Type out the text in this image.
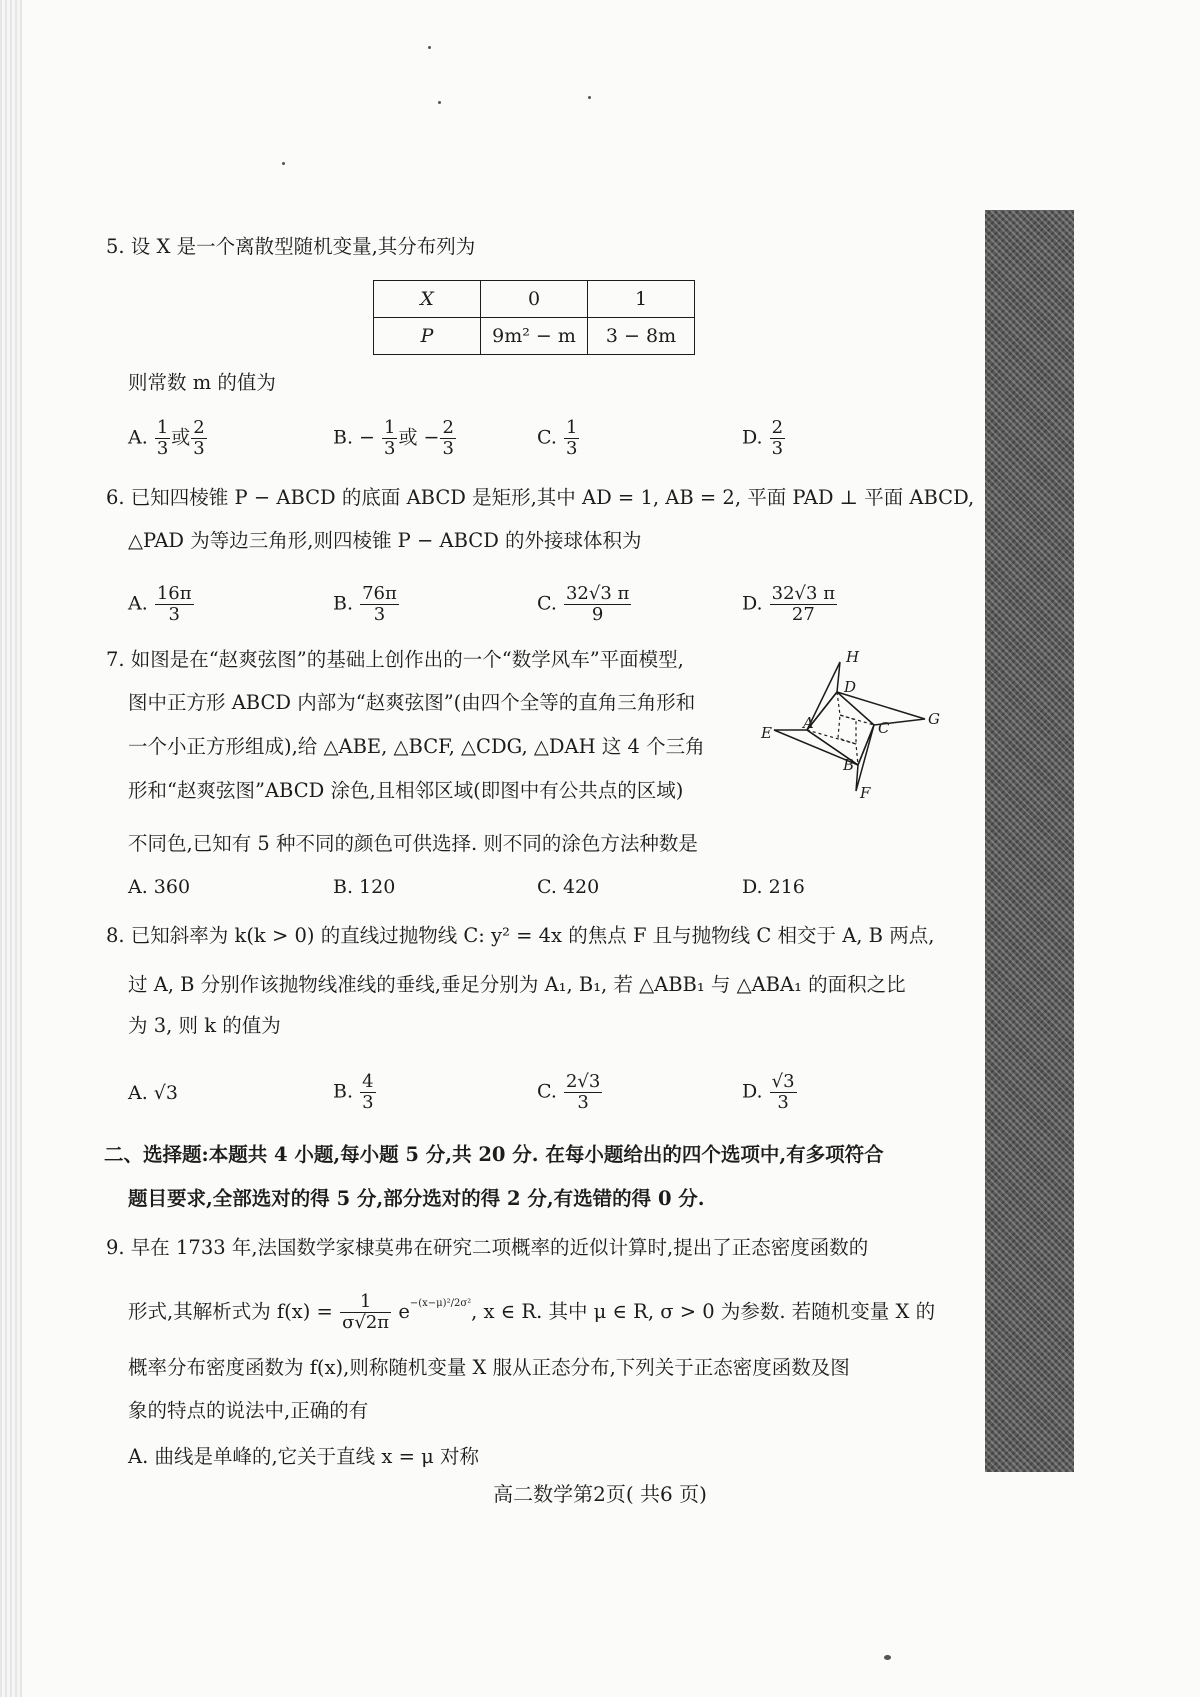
5. 设 X 是一个离散型随机变量,其分布列为
X	0	1
P	9m² − m	3 − 8m
则常数 m 的值为
A. $\frac{1}{3}$ 或 $\frac{2}{3}$	B. − $\frac{1}{3}$ 或 − $\frac{2}{3}$	C. $\frac{1}{3}$	D. $\frac{2}{3}$
6. 已知四棱锥 P − ABCD 的底面 ABCD 是矩形,其中 AD = 1, AB = 2, 平面 PAD ⊥ 平面 ABCD,
△PAD 为等边三角形,则四棱锥 P − ABCD 的外接球体积为
A. $\frac{16\pi}{3}$	B. $\frac{76\pi}{3}$	C. $\frac{32√3 \pi}{9}$	D. $\frac{32√3 \pi}{27}$
7. 如图是在“赵爽弦图”的基础上创作出的一个“数学风车”平面模型,
图中正方形 ABCD 内部为“赵爽弦图”(由四个全等的直角三角形和
一个小正方形组成),给 △ABE, △BCF, △CDG, △DAH 这 4 个三角
形和“赵爽弦图”ABCD 涂色,且相邻区域(即图中有公共点的区域)
不同色,已知有 5 种不同的颜色可供选择. 则不同的涂色方法种数是
H
D
G
E
A	C
B
F
A. 360	B. 120	C. 420	D. 216
8. 已知斜率为 k(k > 0) 的直线过抛物线 C: y² = 4x 的焦点 F 且与抛物线 C 相交于 A, B 两点,
过 A, B 分别作该抛物线准线的垂线,垂足分别为 A₁, B₁, 若 △ABB₁ 与 △ABA₁ 的面积之比
为 3, 则 k 的值为
A. √3	B. $\frac{4}{3}$	C. $\frac{2√3}{3}$	D. $\frac{√3}{3}$
二、选择题:本题共 4 小题,每小题 5 分,共 20 分. 在每小题给出的四个选项中,有多项符合
题目要求,全部选对的得 5 分,部分选对的得 2 分,有选错的得 0 分.
9. 早在 1733 年,法国数学家棣莫弗在研究二项概率的近似计算时,提出了正态密度函数的
形式,其解析式为 $f(x) = \frac{1}{\sigma√2\pi} e^{-(x-\mu)^2/2\sigma^2}$, x ∈ R. 其中 μ ∈ R, σ > 0 为参数. 若随机变量 X 的
概率分布密度函数为 f(x),则称随机变量 X 服从正态分布,下列关于正态密度函数及图
象的特点的说法中,正确的有
A. 曲线是单峰的,它关于直线 x = μ 对称
高二数学第2页( 共6 页)
